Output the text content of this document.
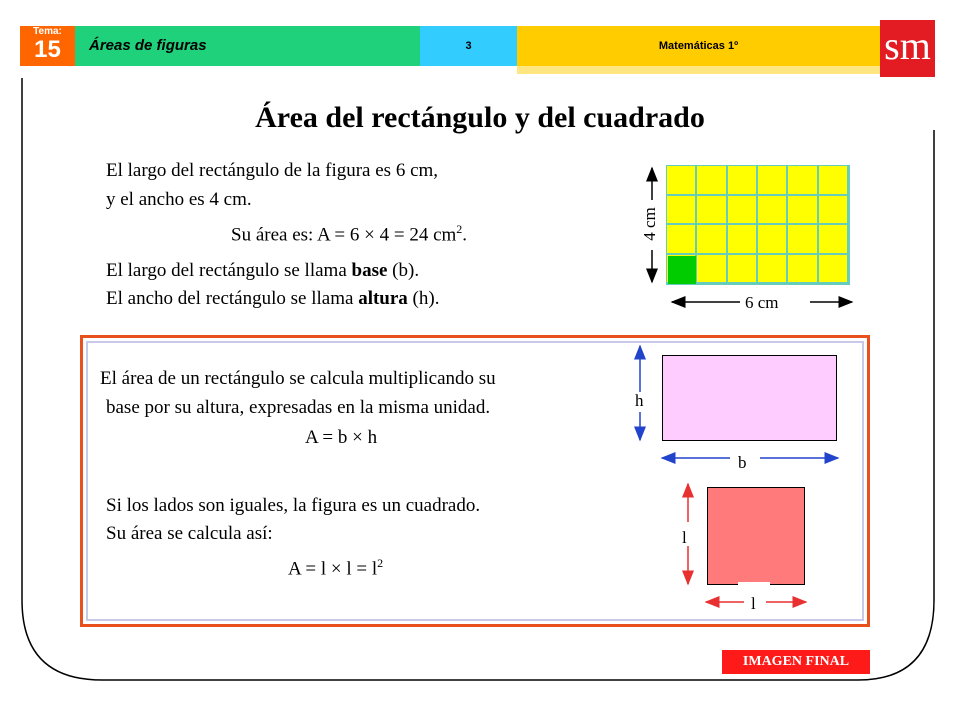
Tema:
15	Áreas de figuras	3	Matemáticas 1º	sm
Área del rectángulo y del cuadrado
El largo del rectángulo de la figura es 6 cm,
y el ancho es 4 cm.
Su área es: A = 6 × 4 = 24 $cm^2$.
El largo del rectángulo se llama base (b).
El ancho del rectángulo se llama altura (h).
4 cm
6 cm
El área de un rectángulo se calcula multiplicando su
base por su altura, expresadas en la misma unidad.
A = b × h
Si los lados son iguales, la figura es un cuadrado.
Su área se calcula así:
$A = l \times l = l^2$
h
b
l
l
IMAGEN FINAL
